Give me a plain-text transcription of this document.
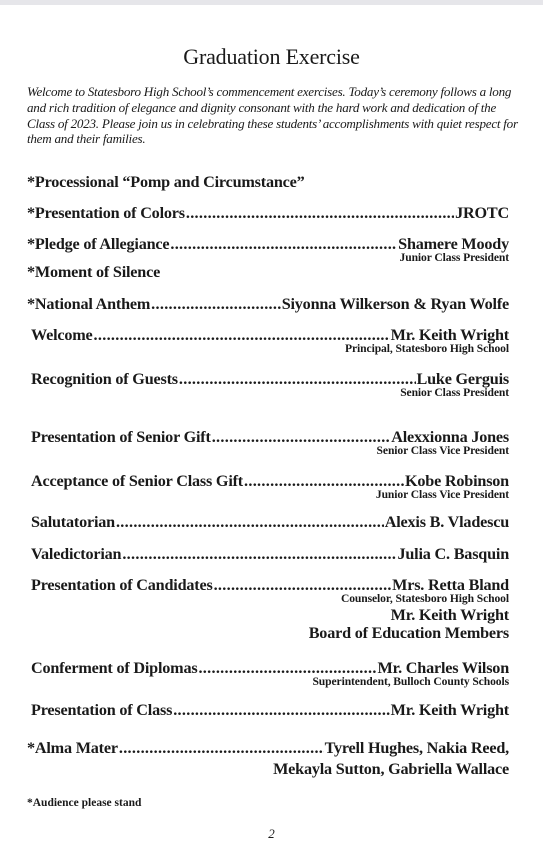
Graduation Exercise
Welcome to Statesboro High School’s commencement exercises. Today’s ceremony follows a long and rich tradition of elegance and dignity consonant with the hard work and dedication of the Class of 2023. Please join us in celebrating these students’ accomplishments with quiet respect for them and their families.
*Processional “Pomp and Circumstance”
*Presentation of Colors .....	JROTC
*Pledge of Allegiance .....	Shamere Moody
Junior Class President
*Moment of Silence
*National Anthem .....	Siyonna Wilkerson & Ryan Wolfe
Welcome .....	Mr. Keith Wright
Principal, Statesboro High School
Recognition of Guests .....	Luke Gerguis
Senior Class President
Presentation of Senior Gift .....	Alexxionna Jones
Senior Class Vice President
Acceptance of Senior Class Gift .....	Kobe Robinson
Junior Class Vice President
Salutatorian .....	Alexis B. Vladescu
Valedictorian .....	Julia C. Basquin
Presentation of Candidates .....	Mrs. Retta Bland
Counselor, Statesboro High School
Mr. Keith Wright
Board of Education Members
Conferment of Diplomas .....	Mr. Charles Wilson
Superintendent, Bulloch County Schools
Presentation of Class .....	Mr. Keith Wright
*Alma Mater .....	Tyrell Hughes, Nakia Reed,
Mekayla Sutton, Gabriella Wallace
*Audience please stand
2
